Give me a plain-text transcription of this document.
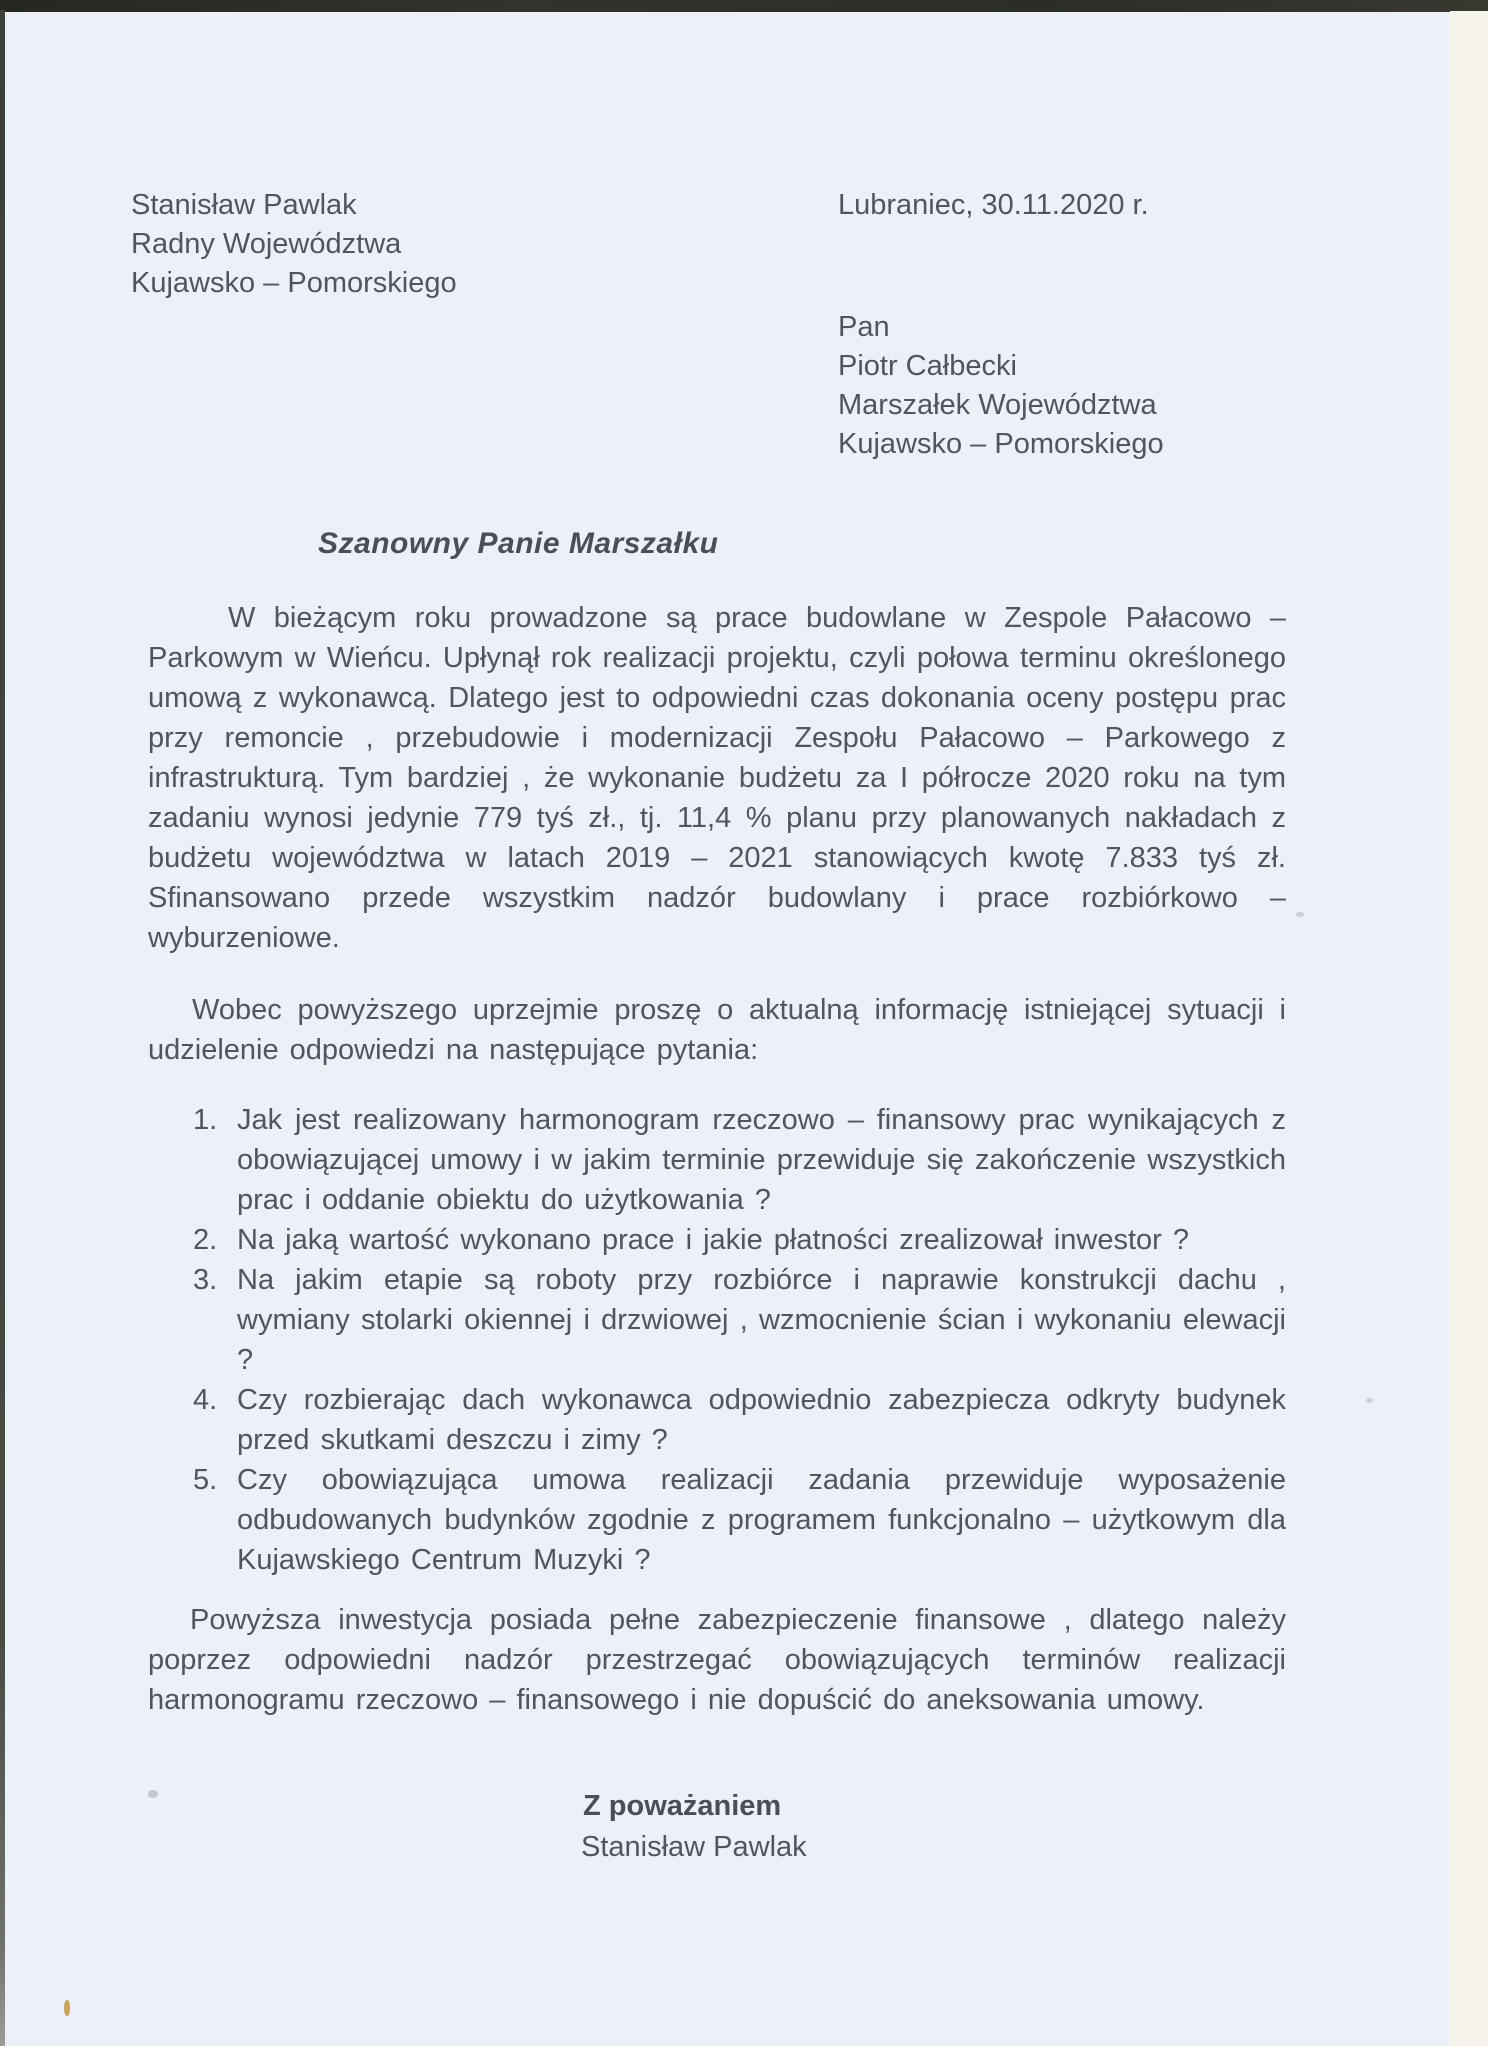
Stanisław Pawlak
Radny Województwa
Kujawsko – Pomorskiego
Lubraniec, 30.11.2020 r.
Pan
Piotr Całbecki
Marszałek Województwa
Kujawsko – Pomorskiego
Szanowny Panie Marszałku

W bieżącym roku prowadzone są prace budowlane w Zespole Pałacowo – Parkowym w Wieńcu. Upłynął rok realizacji projektu, czyli połowa terminu określonego umową z wykonawcą. Dlatego jest to odpowiedni czas dokonania oceny postępu prac przy remoncie , przebudowie i modernizacji Zespołu Pałacowo – Parkowego z infrastrukturą. Tym bardziej , że wykonanie budżetu za I półrocze 2020 roku na tym zadaniu wynosi jedynie 779 tyś zł., tj. 11,4 % planu przy planowanych nakładach z budżetu województwa w latach 2019 – 2021 stanowiących kwotę 7.833 tyś zł. Sfinansowano przede wszystkim nadzór budowlany i prace rozbiórkowo – wyburzeniowe.

Wobec powyższego uprzejmie proszę o aktualną informację istniejącej sytuacji i udzielenie odpowiedzi na następujące pytania:

1. Jak jest realizowany harmonogram rzeczowo – finansowy prac wynikających z obowiązującej umowy i w jakim terminie przewiduje się zakończenie wszystkich prac i oddanie obiektu do użytkowania ?
2. Na jaką wartość wykonano prace i jakie płatności zrealizował inwestor ?
3. Na jakim etapie są roboty przy rozbiórce i naprawie konstrukcji dachu , wymiany stolarki okiennej i drzwiowej , wzmocnienie ścian i wykonaniu elewacji ?
4. Czy rozbierając dach wykonawca odpowiednio zabezpiecza odkryty budynek przed skutkami deszczu i zimy ?
5. Czy obowiązująca umowa realizacji zadania przewiduje wyposażenie odbudowanych budynków zgodnie z programem funkcjonalno – użytkowym dla Kujawskiego Centrum Muzyki ?

Powyższa inwestycja posiada pełne zabezpieczenie finansowe , dlatego należy poprzez odpowiedni nadzór przestrzegać obowiązujących terminów realizacji harmonogramu rzeczowo – finansowego i nie dopuścić do aneksowania umowy.

Z poważaniem
Stanisław Pawlak
